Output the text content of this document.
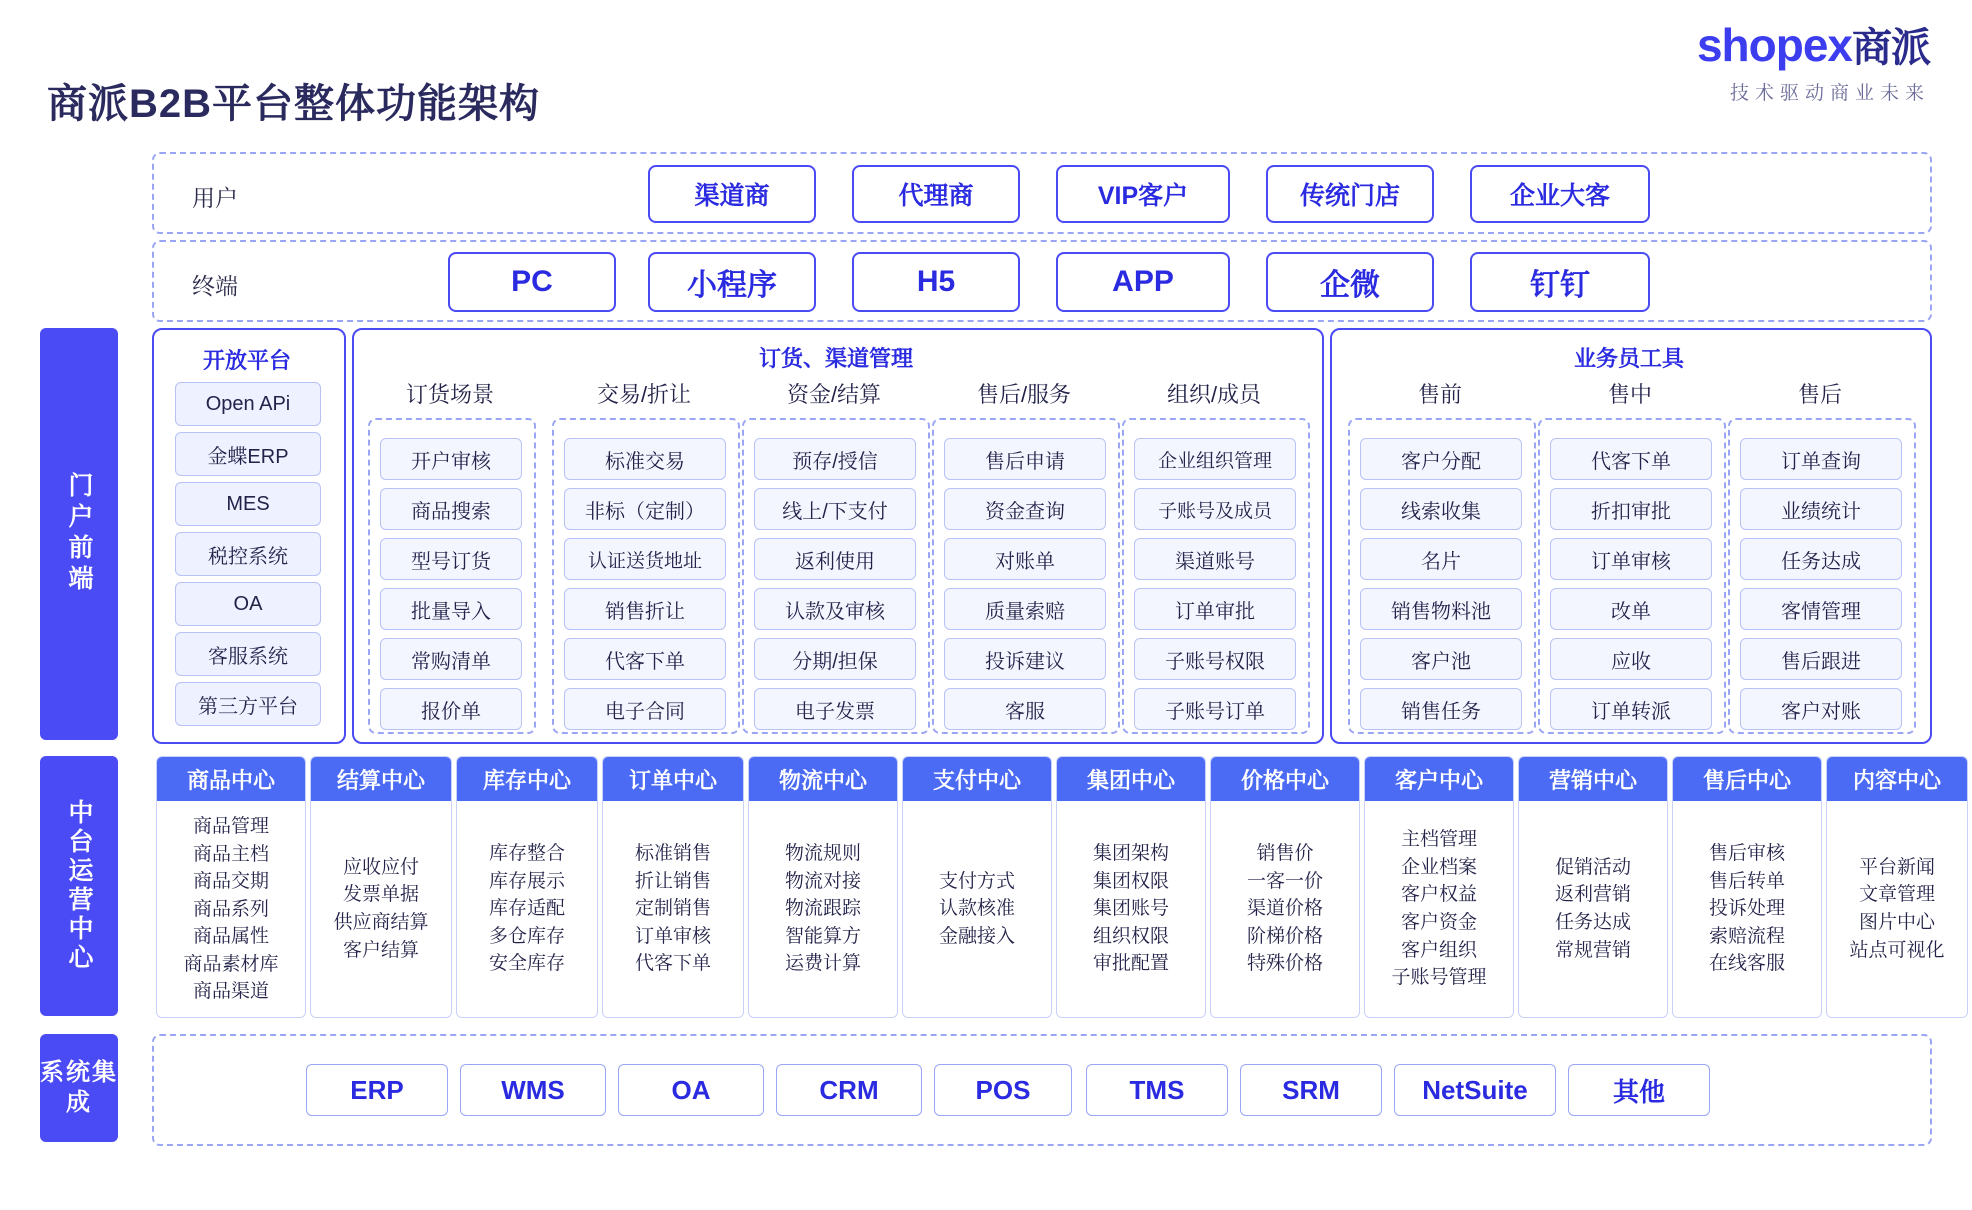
商派B2B平台整体功能架构
shopex商派
技术驱动商业未来
门户前端
中台运营中心
系统集成
用户	渠道商	代理商	VIP客户	传统门店	企业大客
终端	PC	小程序	H5	APP	企微	钉钉
开放平台
Open APi
金蝶ERP
MES
税控系统
OA
客服系统
第三方平台
订货、渠道管理
订货场景
开户审核
商品搜索
型号订货
批量导入
常购清单
报价单
交易/折让
标准交易
非标（定制）
认证送货地址
销售折让
代客下单
电子合同
资金/结算
预存/授信
线上/下支付
返利使用
认款及审核
分期/担保
电子发票
售后/服务
售后申请
资金查询
对账单
质量索赔
投诉建议
客服
组织/成员
企业组织管理
子账号及成员
渠道账号
订单审批
子账号权限
子账号订单
业务员工具
售前
客户分配
线索收集
名片
销售物料池
客户池
销售任务
售中
代客下单
折扣审批
订单审核
改单
应收
订单转派
售后
订单查询
业绩统计
任务达成
客情管理
售后跟进
客户对账
商品中心
商品管理
商品主档
商品交期
商品系列
商品属性
商品素材库
商品渠道
结算中心
应收应付
发票单据
供应商结算
客户结算
库存中心
库存整合
库存展示
库存适配
多仓库存
安全库存
订单中心
标准销售
折让销售
定制销售
订单审核
代客下单
物流中心
物流规则
物流对接
物流跟踪
智能算方
运费计算
支付中心
支付方式
认款核准
金融接入
集团中心
集团架构
集团权限
集团账号
组织权限
审批配置
价格中心
销售价
一客一价
渠道价格
阶梯价格
特殊价格
客户中心
主档管理
企业档案
客户权益
客户资金
客户组织
子账号管理
营销中心
促销活动
返利营销
任务达成
常规营销
售后中心
售后审核
售后转单
投诉处理
索赔流程
在线客服
内容中心
平台新闻
文章管理
图片中心
站点可视化
ERP	WMS	OA	CRM	POS	TMS	SRM	NetSuite	其他
